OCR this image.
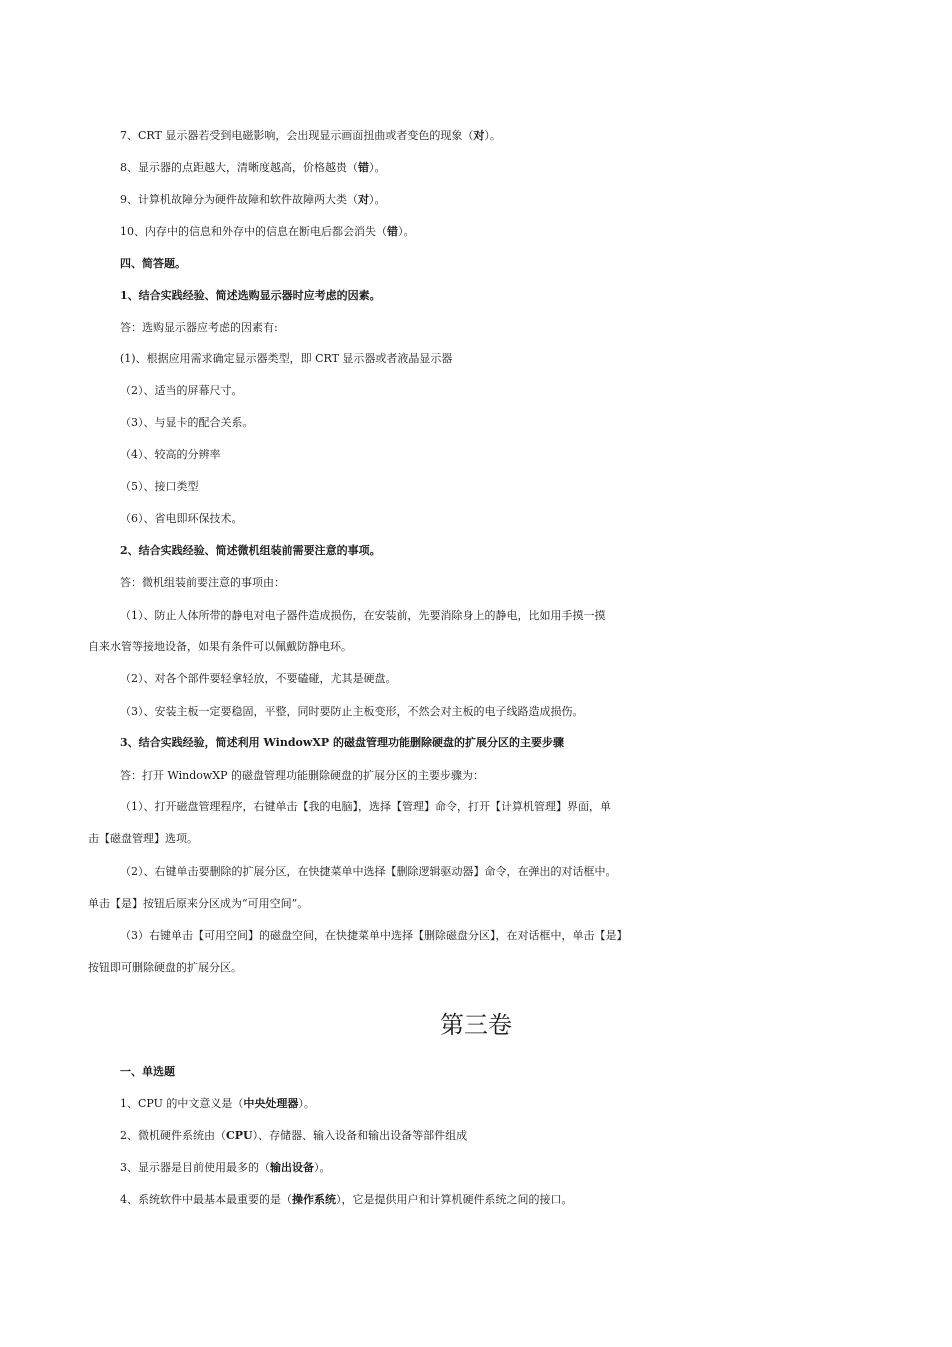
7、CRT 显示器若受到电磁影响，会出现显示画面扭曲或者变色的现象（对）。
8、显示器的点距越大，清晰度越高，价格越贵（错）。
9、计算机故障分为硬件故障和软件故障两大类（对）。
10、内存中的信息和外存中的信息在断电后都会消失（错）。
四、简答题。
1、结合实践经验、简述选购显示器时应考虑的因素。
答：选购显示器应考虑的因素有:
(1)、根据应用需求确定显示器类型，即 CRT 显示器或者液晶显示器
（2）、适当的屏幕尺寸。
（3）、与显卡的配合关系。
（4）、较高的分辨率
（5）、接口类型
（6）、省电即环保技术。
2、结合实践经验、简述微机组装前需要注意的事项。
答：微机组装前要注意的事项由：
（1）、防止人体所带的静电对电子器件造成损伤，在安装前，先要消除身上的静电，比如用手摸一摸
自来水管等接地设备，如果有条件可以佩戴防静电环。
（2）、对各个部件要轻拿轻放，不要磕碰，尤其是硬盘。
（3）、安装主板一定要稳固，平整，同时要防止主板变形，不然会对主板的电子线路造成损伤。
3、结合实践经验，简述利用 WindowXP 的磁盘管理功能删除硬盘的扩展分区的主要步骤
答：打开 WindowXP 的磁盘管理功能删除硬盘的扩展分区的主要步骤为：
（1）、打开磁盘管理程序，右键单击【我的电脑】，选择【管理】命令，打开【计算机管理】界面，单
击【磁盘管理】选项。
（2）、右键单击要删除的扩展分区，在快捷菜单中选择【删除逻辑驱动器】命令，在弹出的对话框中。
单击【是】按钮后原来分区成为“可用空间”。
（3）右键单击【可用空间】的磁盘空间，在快捷菜单中选择【删除磁盘分区】，在对话框中，单击【是】
按钮即可删除硬盘的扩展分区。
第三卷
一、单选题
1、CPU 的中文意义是（中央处理器）。
2、微机硬件系统由（CPU）、存储器、输入设备和输出设备等部件组成
3、显示器是目前使用最多的（输出设备）。
4、系统软件中最基本最重要的是（操作系统），它是提供用户和计算机硬件系统之间的接口。
